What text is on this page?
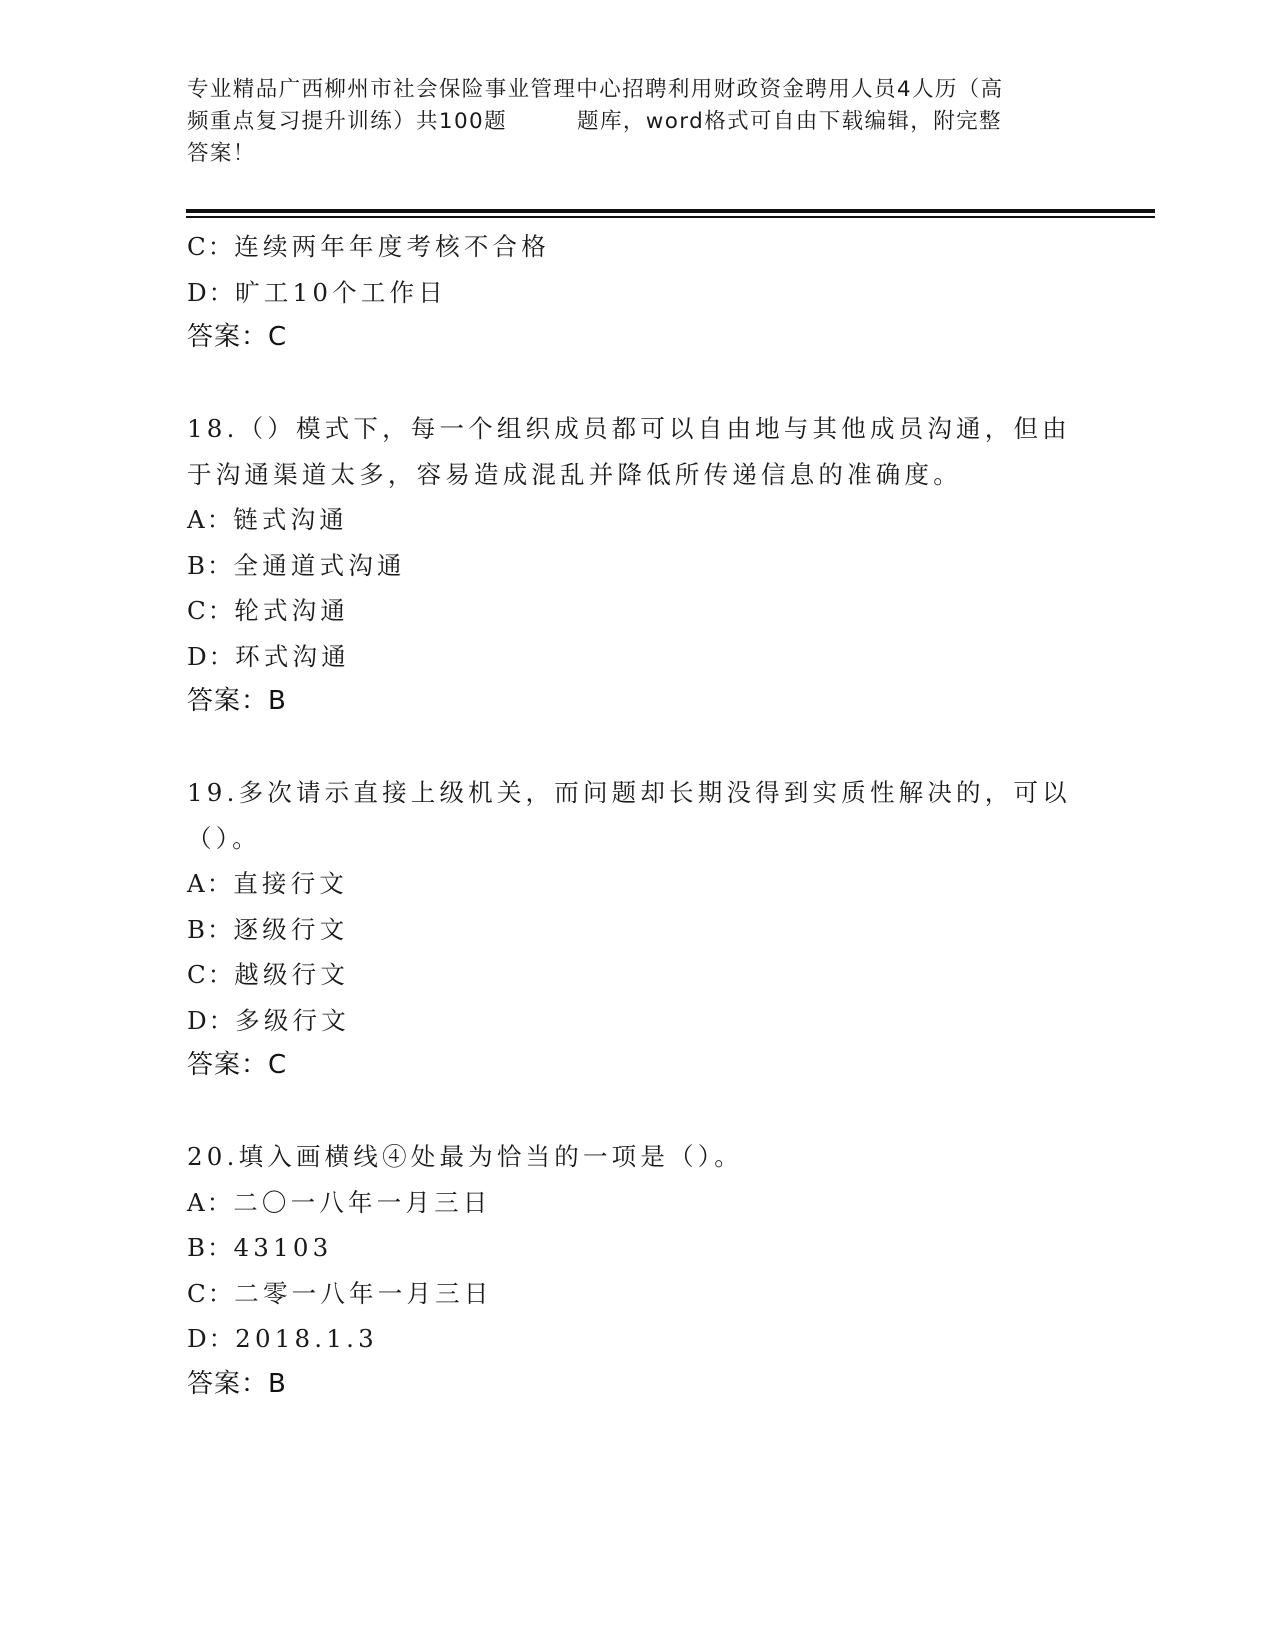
专业精品广西柳州市社会保险事业管理中心招聘利用财政资金聘用人员4人历（高
频重点复习提升训练）共100题	题库，word格式可自由下载编辑，附完整
答案！
C：连续两年年度考核不合格
D：旷工10个工作日
答案：C
18.（）模式下，每一个组织成员都可以自由地与其他成员沟通，但由
于沟通渠道太多，容易造成混乱并降低所传递信息的准确度。
A：链式沟通
B：全通道式沟通
C：轮式沟通
D：环式沟通
答案：B
19.多次请示直接上级机关，而问题却长期没得到实质性解决的，可以
（）。
A：直接行文
B：逐级行文
C：越级行文
D：多级行文
答案：C
20.填入画横线④处最为恰当的一项是（）。
A：二〇一八年一月三日
B：43103
C：二零一八年一月三日
D：2018.1.3
答案：B
